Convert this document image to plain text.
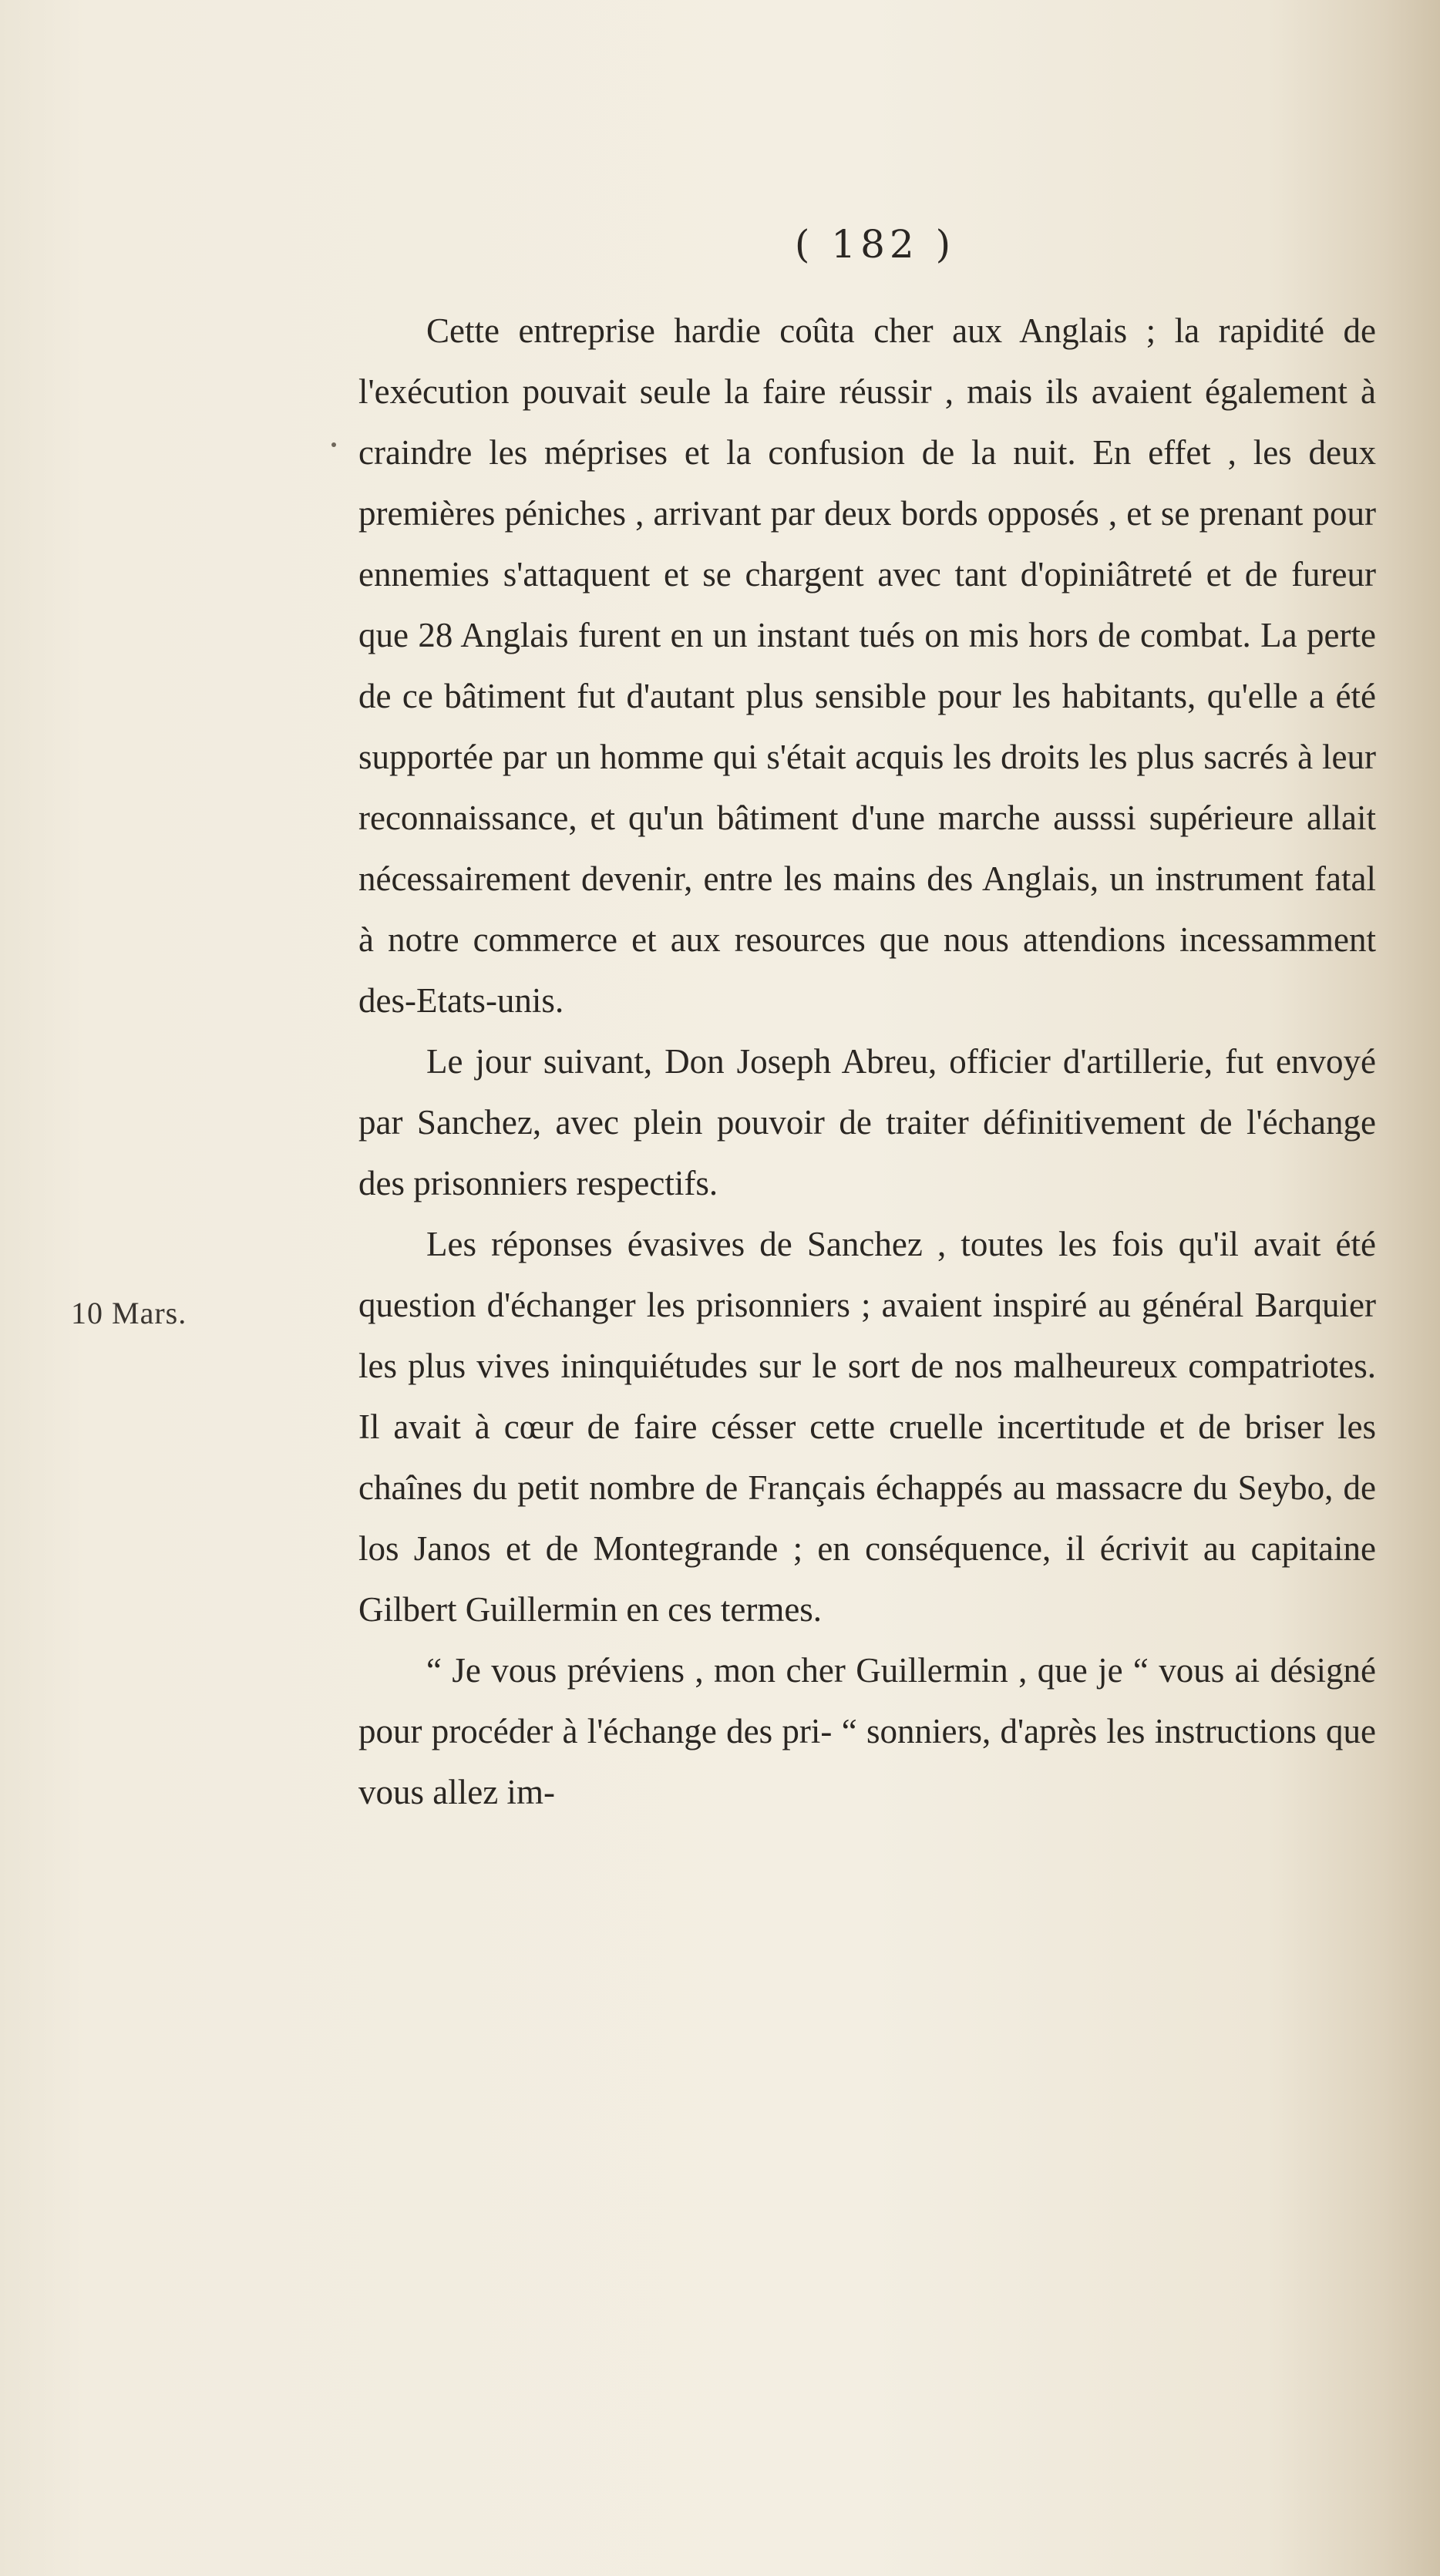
( 182 )
10 Mars.

Cette entreprise hardie coûta cher aux Anglais ; la rapidité de l'exécution pouvait seule la faire réussir , mais ils avaient également à craindre les méprises et la confusion de la nuit. En effet , les deux premières péniches , arrivant par deux bords opposés , et se prenant pour ennemies s'attaquent et se chargent avec tant d'opiniâtreté et de fureur que 28 Anglais furent en un instant tués on mis hors de combat. La perte de ce bâtiment fut d'autant plus sensible pour les habitants, qu'elle a été supportée par un homme qui s'était acquis les droits les plus sacrés à leur reconnaissance, et qu'un bâtiment d'une marche ausssi supérieure allait nécessairement devenir, entre les mains des Anglais, un instrument fatal à notre commerce et aux resources que nous attendions incessamment des-Etats-unis.

Le jour suivant, Don Joseph Abreu, officier d'artillerie, fut envoyé par Sanchez, avec plein pouvoir de traiter définitivement de l'échange des prisonniers respectifs.

Les réponses évasives de Sanchez , toutes les fois qu'il avait été question d'échanger les prisonniers ; avaient inspiré au général Barquier les plus vives ininquiétudes sur le sort de nos malheureux compatriotes. Il avait à cœur de faire césser cette cruelle incertitude et de briser les chaînes du petit nombre de Français échappés au massacre du Seybo, de los Janos et de Montegrande ; en conséquence, il écrivit au capitaine Gilbert Guillermin en ces termes.

“ Je vous préviens , mon cher Guillermin , que je “ vous ai désigné pour procéder à l'échange des pri- “ sonniers, d'après les instructions que vous allez im-
